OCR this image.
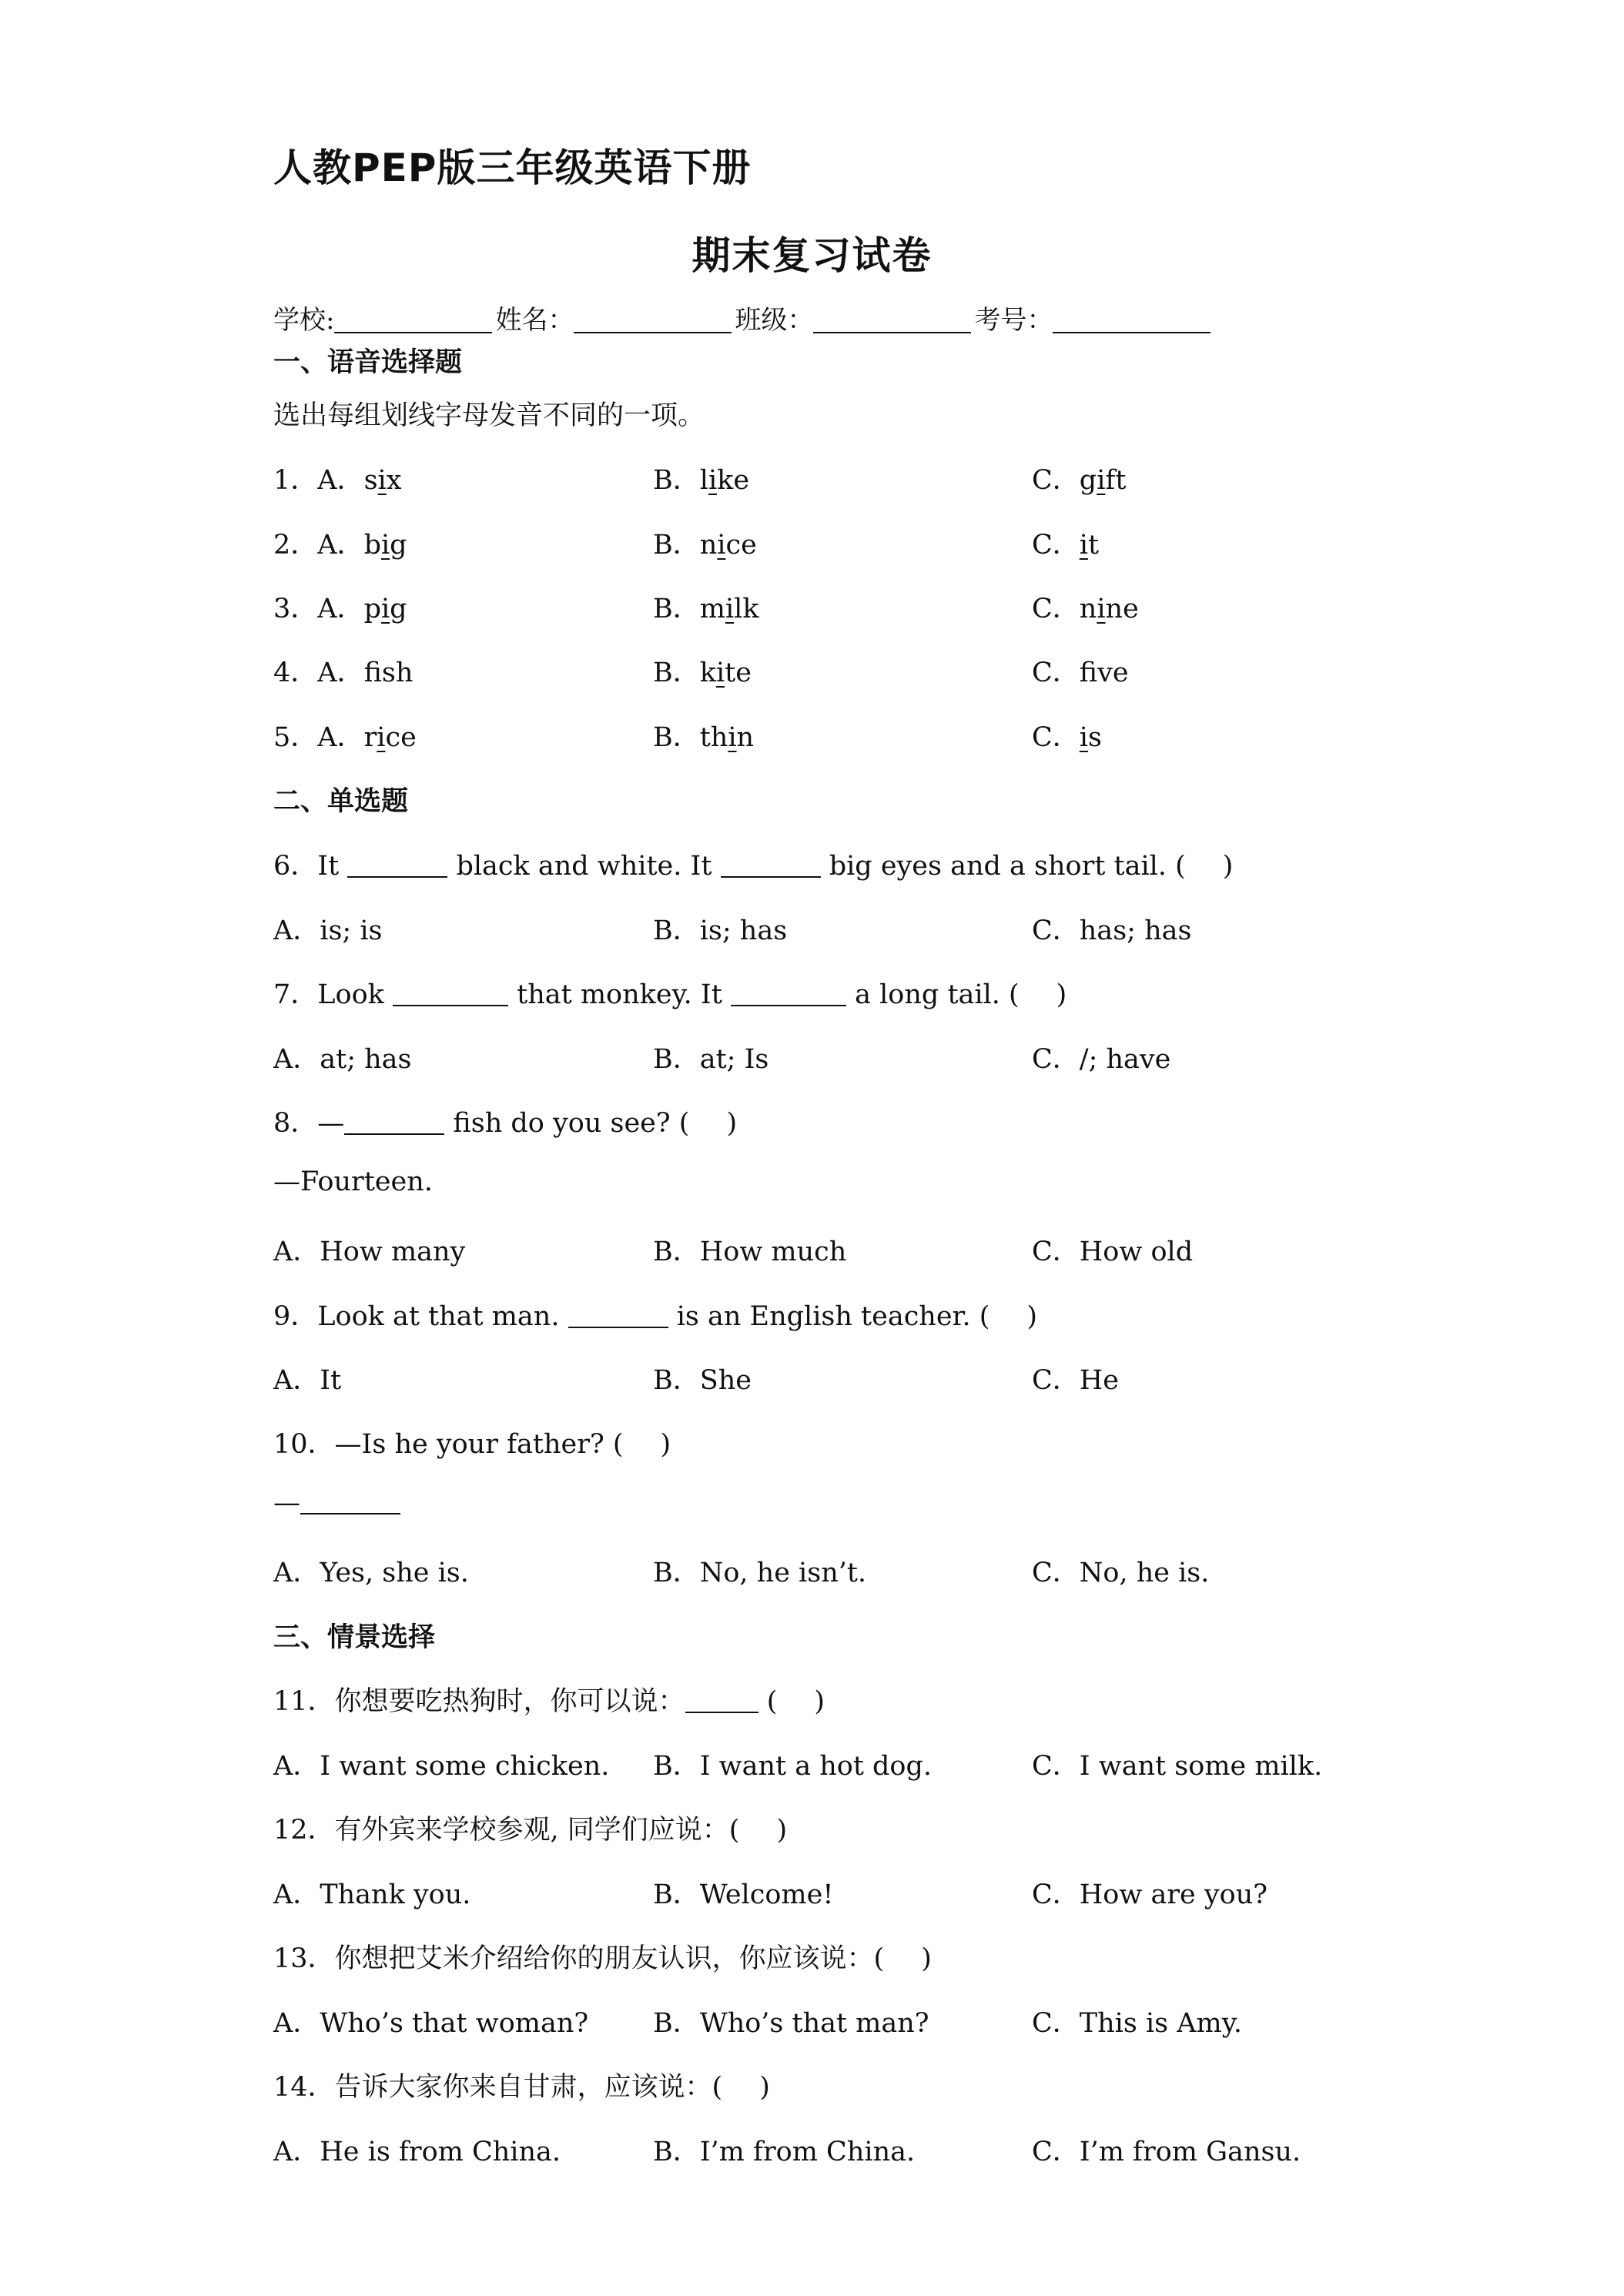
人教PEP版三年级英语下册
期末复习试卷
学校:	姓名：	班级：	考号：
一、语音选择题
选出每组划线字母发音不同的一项。
1．A．six	B．like	C．gift
2．A．big	B．nice	C．it
3．A．pig	B．milk	C．nine
4．A．fsh	B．kite	C．fve
5．A．rice	B．thin	C．is
二、单选题
6．It	black and white. It	big eyes and a short tail. ( )
A．is; is	B．is; has	C．has; has
7．Look	that monkey. It	a long tail. ( )
A．at; has	B．at; Is	C．/; have
8．—	fish do you see? ( )
—Fourteen.
A．How many	B．How much	C．How old
9．Look at that man.	is an English teacher. ( )
A．It	B．She	C．He
10．—Is he your father? ( )
—
A．Yes, she is.	B．No, he isn’t.	C．No, he is.
三、情景选择
11．你想要吃热狗时，你可以说：	( )
A．I want some chicken. B．I want a hot dog.	C．I want some milk.
12．有外宾来学校参观, 同学们应说：( )
A．Thank you.	B．Welcome!	C．How are you?
13．你想把艾米介绍给你的朋友认识，你应该说：( )
A．Who’s that woman? B．Who’s that man?	C．This is Amy.
14．告诉大家你来自甘肃，应该说：( )
A．He is from China.	B．I’m from China.	C．I’m from Gansu.
